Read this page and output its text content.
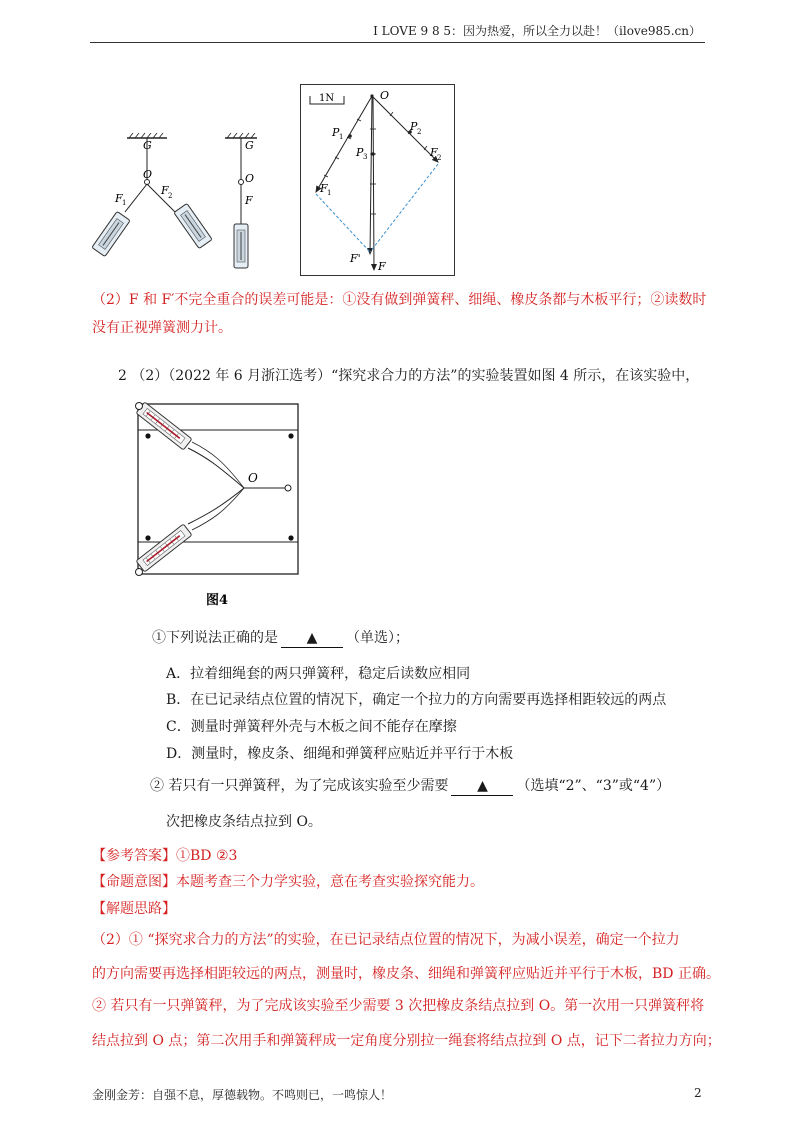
I LOVE 9 8 5：因为热爱，所以全力以赴！（ilove985.cn）
G
O
F 1
F 2
G
O
F
1N	O
P 1
P 2
P 3
F 1
F 2
F'
F
（2）F 和 F′不完全重合的误差可能是：①没有做到弹簧秤、细绳、橡皮条都与木板平行；②读数时
没有正视弹簧测力计。
2 （2）（2022 年 6 月浙江选考）“探究求合力的方法”的实验装置如图 4 所示，在该实验中，
O
图4
①下列说法正确的是 ▲ （单选）；
A．拉着细绳套的两只弹簧秤，稳定后读数应相同
B．在已记录结点位置的情况下，确定一个拉力的方向需要再选择相距较远的两点
C．测量时弹簧秤外壳与木板之间不能存在摩擦
D．测量时，橡皮条、细绳和弹簧秤应贴近并平行于木板
② 若只有一只弹簧秤，为了完成该实验至少需要 ▲ （选填“2”、“3”或“4”）
次把橡皮条结点拉到 O。
【参考答案】①BD ②3
【命题意图】本题考查三个力学实验，意在考查实验探究能力。
【解题思路】
（2）① “探究求合力的方法”的实验，在已记录结点位置的情况下，为减小误差，确定一个拉力
的方向需要再选择相距较远的两点，测量时，橡皮条、细绳和弹簧秤应贴近并平行于木板，BD 正确。
② 若只有一只弹簧秤，为了完成该实验至少需要 3 次把橡皮条结点拉到 O。第一次用一只弹簧秤将
结点拉到 O 点；第二次用手和弹簧秤成一定角度分别拉一绳套将结点拉到 O 点，记下二者拉力方向；
金刚金芳：自强不息，厚德载物。不鸣则已，一鸣惊人！	2
